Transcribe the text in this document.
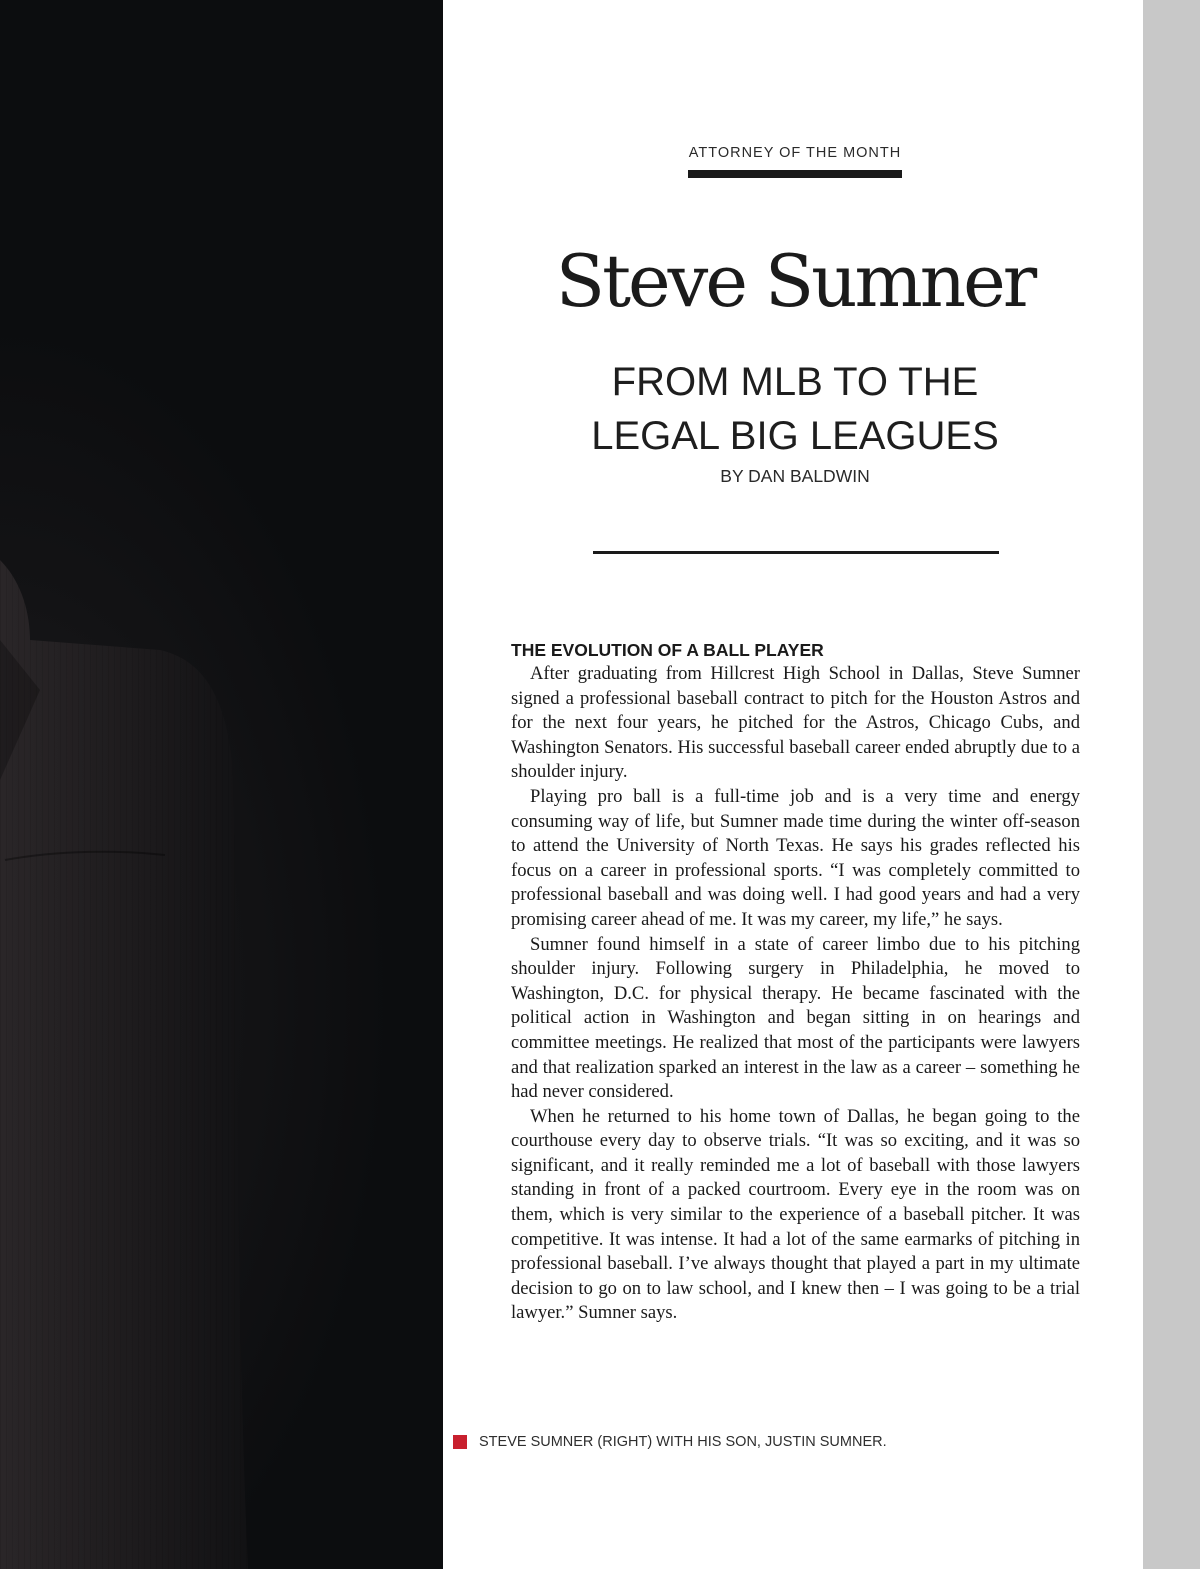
ATTORNEY OF THE MONTH
Steve Sumner
FROM MLB TO THE
LEGAL BIG LEAGUES
BY DAN BALDWIN
THE EVOLUTION OF A BALL PLAYER

After graduating from Hillcrest High School in Dallas, Steve Sumner signed a professional baseball contract to pitch for the Houston Astros and for the next four years, he pitched for the Astros, Chicago Cubs, and Washington Senators. His successful baseball career ended abruptly due to a shoulder injury.

Playing pro ball is a full-time job and is a very time and energy consuming way of life, but Sumner made time during the winter off-season to attend the University of North Texas. He says his grades reflected his focus on a career in professional sports. “I was completely committed to professional baseball and was doing well. I had good years and had a very promising career ahead of me. It was my career, my life,” he says.

Sumner found himself in a state of career limbo due to his pitching shoulder injury. Following surgery in Philadelphia, he moved to Washington, D.C. for physical therapy. He became fascinated with the political action in Washington and began sitting in on hearings and committee meetings. He realized that most of the participants were lawyers and that realization sparked an interest in the law as a career – something he had never considered.

When he returned to his home town of Dallas, he began going to the courthouse every day to observe trials. “It was so exciting, and it was so significant, and it really reminded me a lot of baseball with those lawyers standing in front of a packed courtroom. Every eye in the room was on them, which is very similar to the experience of a baseball pitcher. It was competitive. It was intense. It had a lot of the same earmarks of pitching in professional baseball. I’ve always thought that played a part in my ultimate decision to go on to law school, and I knew then – I was going to be a trial lawyer.” Sumner says.

STEVE SUMNER (RIGHT) WITH HIS SON, JUSTIN SUMNER.
